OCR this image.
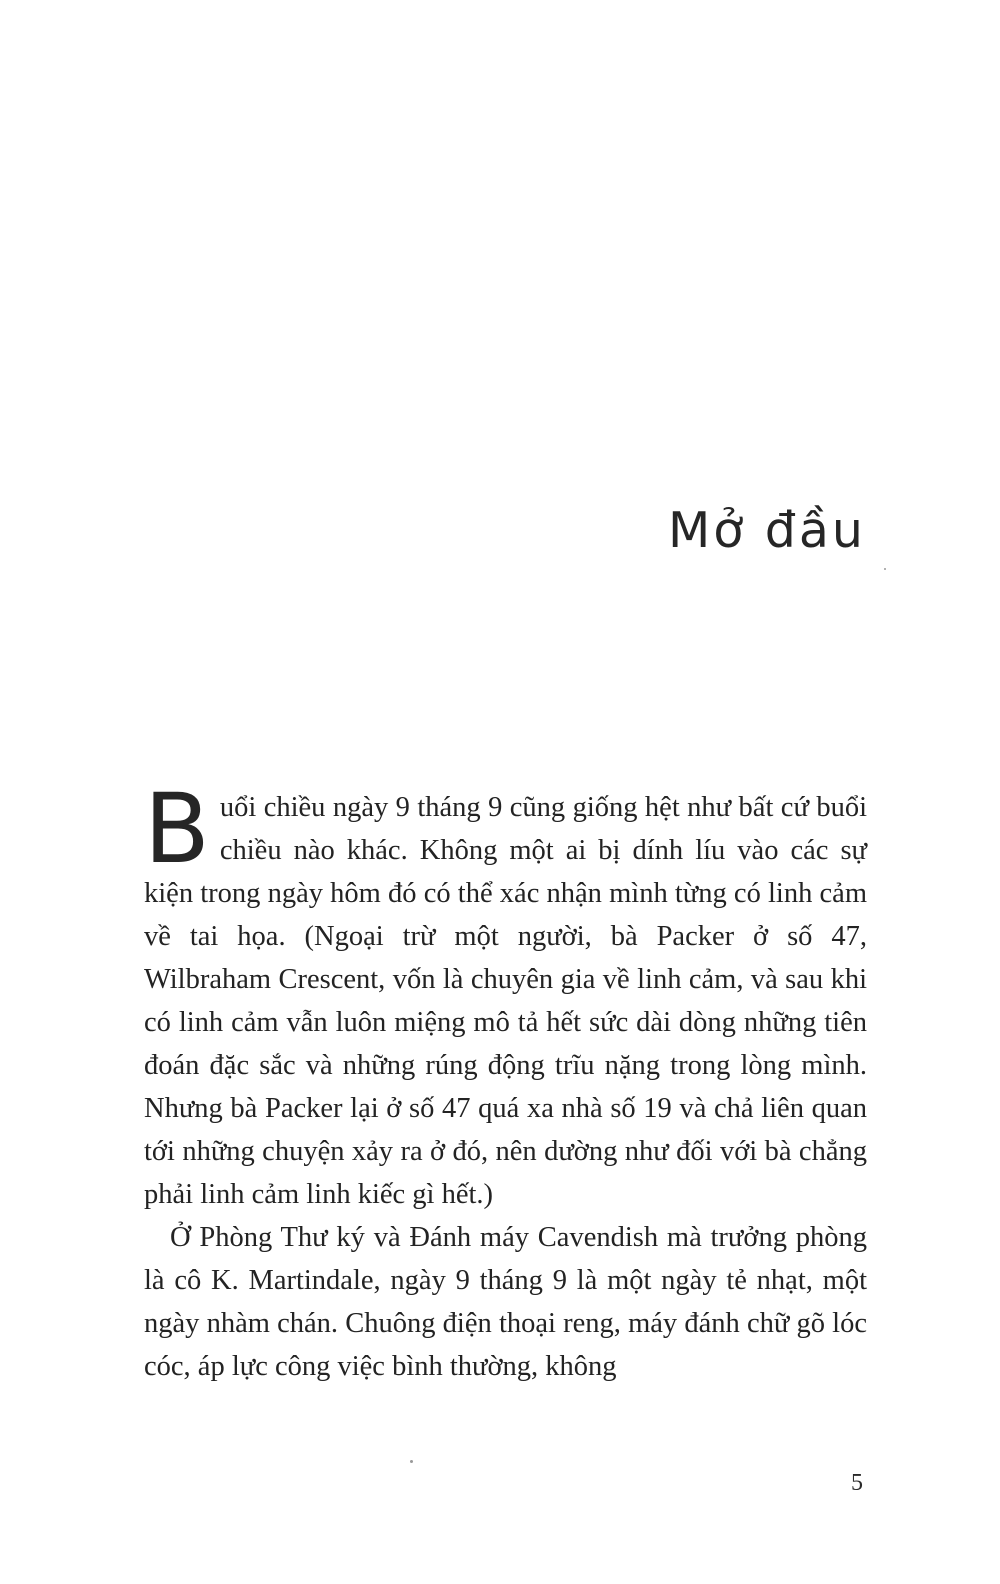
Mở đầu

Buổi chiều ngày 9 tháng 9 cũng giống hệt như bất cứ buổi chiều nào khác. Không một ai bị dính líu vào các sự kiện trong ngày hôm đó có thể xác nhận mình từng có linh cảm về tai họa. (Ngoại trừ một người, bà Packer ở số 47, Wilbraham Crescent, vốn là chuyên gia về linh cảm, và sau khi có linh cảm vẫn luôn miệng mô tả hết sức dài dòng những tiên đoán đặc sắc và những rúng động trĩu nặng trong lòng mình. Nhưng bà Packer lại ở số 47 quá xa nhà số 19 và chả liên quan tới những chuyện xảy ra ở đó, nên dường như đối với bà chẳng phải linh cảm linh kiếc gì hết.)

Ở Phòng Thư ký và Đánh máy Cavendish mà trưởng phòng là cô K. Martindale, ngày 9 tháng 9 là một ngày tẻ nhạt, một ngày nhàm chán. Chuông điện thoại reng, máy đánh chữ gõ lóc cóc, áp lực công việc bình thường, không

5
